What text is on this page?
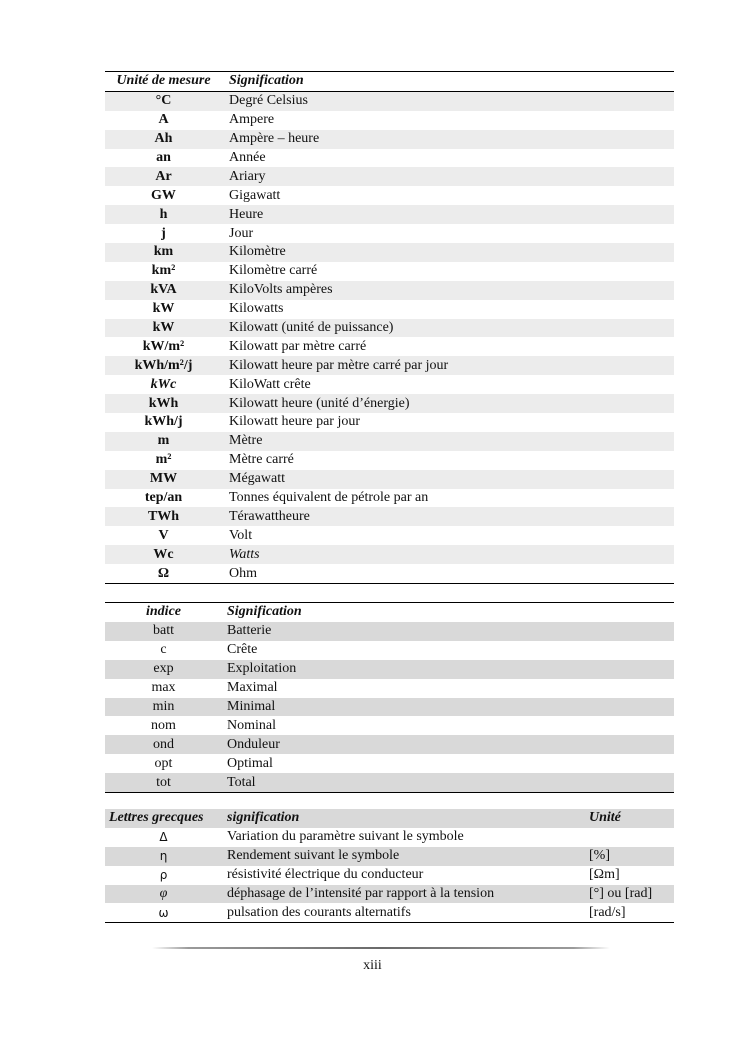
Unité de mesure	Signification
°C	Degré Celsius
A	Ampere
Ah	Ampère – heure
an	Année
Ar	Ariary
GW	Gigawatt
h	Heure
j	Jour
km	Kilomètre
km²	Kilomètre carré
kVA	KiloVolts ampères
kW	Kilowatts
kW	Kilowatt (unité de puissance)
kW/m²	Kilowatt par mètre carré
kWh/m²/j	Kilowatt heure par mètre carré par jour
kWc	KiloWatt crête
kWh	Kilowatt heure (unité d’énergie)
kWh/j	Kilowatt heure par jour
m	Mètre
m²	Mètre carré
MW	Mégawatt
tep/an	Tonnes équivalent de pétrole par an
TWh	Térawattheure
V	Volt
Wc	Watts
Ω	Ohm
indice	Signification
batt	Batterie
c	Crête
exp	Exploitation
max	Maximal
min	Minimal
nom	Nominal
ond	Onduleur
opt	Optimal
tot	Total
Lettres grecques	signification	Unité
Δ	Variation du paramètre suivant le symbole	
η	Rendement suivant le symbole	[%]
ρ	résistivité électrique du conducteur	[Ωm]
φ	déphasage de l’intensité par rapport à la tension	[°] ou [rad]
ω	pulsation des courants alternatifs	[rad/s]
xiii
